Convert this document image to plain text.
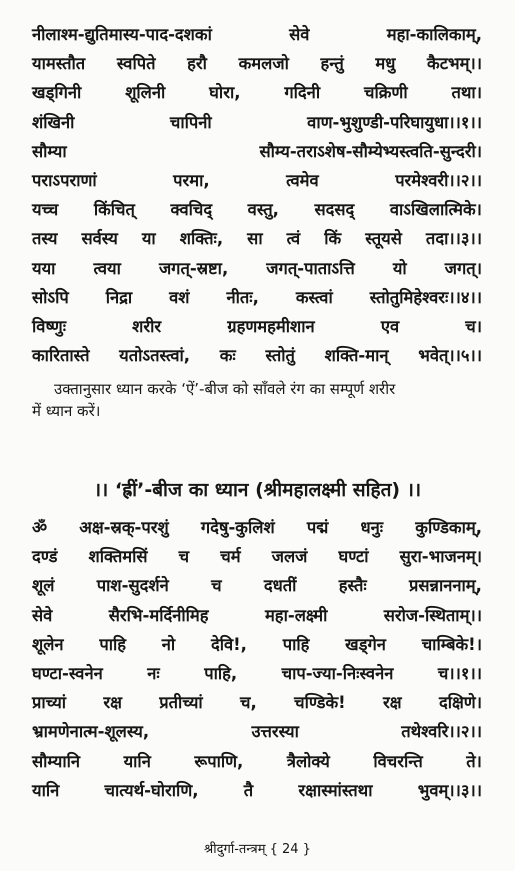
नीलाश्म-द्युतिमास्य-पाद-दशकां	सेवे	महा-कालिकाम्,
यामस्तौत स्वपिते हरौ कमलजो हन्तुं मधु कैटभम्।।
खड्गिनी	शूलिनी	घोरा,	गदिनी	चक्रिणी	तथा।
शंखिनी	चापिनी	वाण-भुशुण्डी-परिघायुधा।।१।।
सौम्या	सौम्य-तराऽशेष-सौम्येभ्यस्त्वति-सुन्दरी।
पराऽपराणां	परमा,	त्वमेव	परमेश्वरी।।२।।
यच्च किंचित् क्वचिद् वस्तु, सदसद् वाऽखिलात्मिके।
तस्य सर्वस्य या शक्तिः, सा त्वं किं स्तूयसे तदा।।३।।
यया त्वया जगत्-स्रष्टा, जगत्-पाताऽत्ति यो जगत्।
सोऽपि निद्रा वशं नीतः, कस्त्वां स्तोतुमिहेश्वरः।।४।।
विष्णुः	शरीर	ग्रहणमहमीशान	एव	च।
कारितास्ते यतोऽतस्त्वां, कः स्तोतुं शक्ति-मान् भवेत्।।५।।
उक्तानुसार ध्यान करके ‘ऐं’-बीज को साँवले रंग का सम्पूर्ण शरीर
में ध्यान करें।
।। ‘ह्रीं’-बीज का ध्यान (श्रीमहालक्ष्मी सहित) ।।
ॐ अक्ष-स्रक्-परशुं गदेषु-कुलिशं पद्मं धनुः कुण्डिकाम्,
दण्डं शक्तिमसिं च चर्म जलजं घण्टां सुरा-भाजनम्।
शूलं	पाश-सुदर्शने	च	दधतीं	हस्तैः	प्रसन्नाननाम्,
सेवे	सैरभि-मर्दिनीमिह	महा-लक्ष्मी	सरोज-स्थिताम्।।
शूलेन पाहि नो देवि!, पाहि खड्गेन चाम्बिके!।
घण्टा-स्वनेन	नः	पाहि,	चाप-ज्या-निःस्वनेन	च।।१।।
प्राच्यां रक्ष प्रतीच्यां च, चण्डिके! रक्ष दक्षिणे।
भ्रामणेनात्म-शूलस्य,	उत्तरस्या	तथेश्वरि।।२।।
सौम्यानि	यानि	रूपाणि,	त्रैलोक्ये	विचरन्ति	ते।
यानि	चात्यर्थ-घोराणि,	तै	रक्षास्मांस्तथा	भुवम्।।३।।
श्रीदुर्गा-तन्त्रम् { 24 }
